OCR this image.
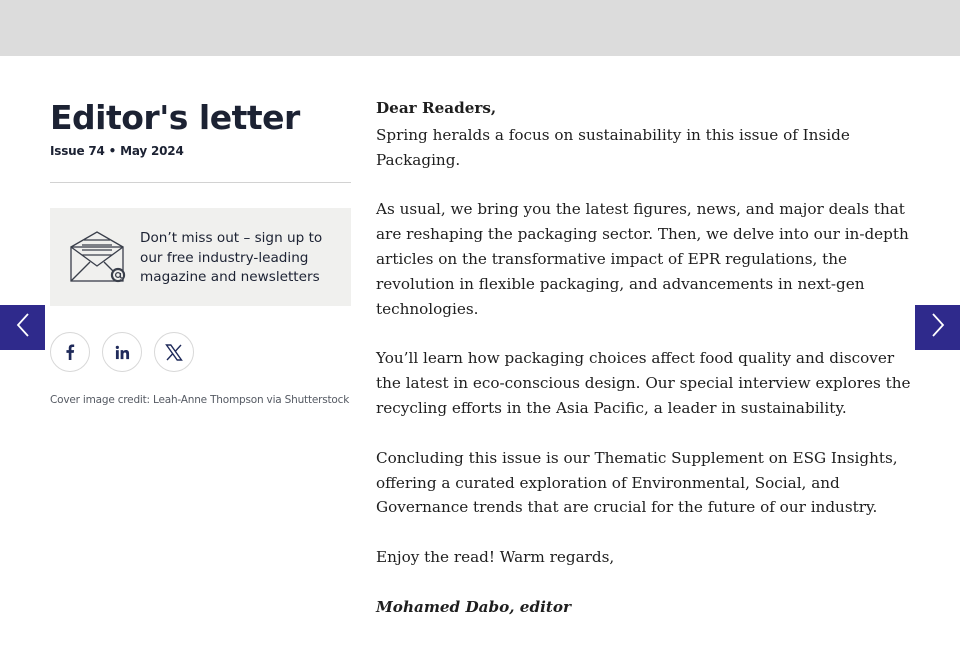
Editor's letter
Issue 74 • May 2024
Don’t miss out – sign up to our free industry-leading magazine and newsletters
Cover image credit: Leah-Anne Thompson via Shutterstock
Dear Readers,

Spring heralds a focus on sustainability in this issue of Inside Packaging.

As usual, we bring you the latest figures, news, and major deals that are reshaping the packaging sector. Then, we delve into our in-depth articles on the transformative impact of EPR regulations, the revolution in flexible packaging, and advancements in next-gen technologies.

You’ll learn how packaging choices affect food quality and discover the latest in eco-conscious design. Our special interview explores the recycling efforts in the Asia Pacific, a leader in sustainability.

Concluding this issue is our Thematic Supplement on ESG Insights, offering a curated exploration of Environmental, Social, and Governance trends that are crucial for the future of our industry.

Enjoy the read! Warm regards,

Mohamed Dabo, editor
